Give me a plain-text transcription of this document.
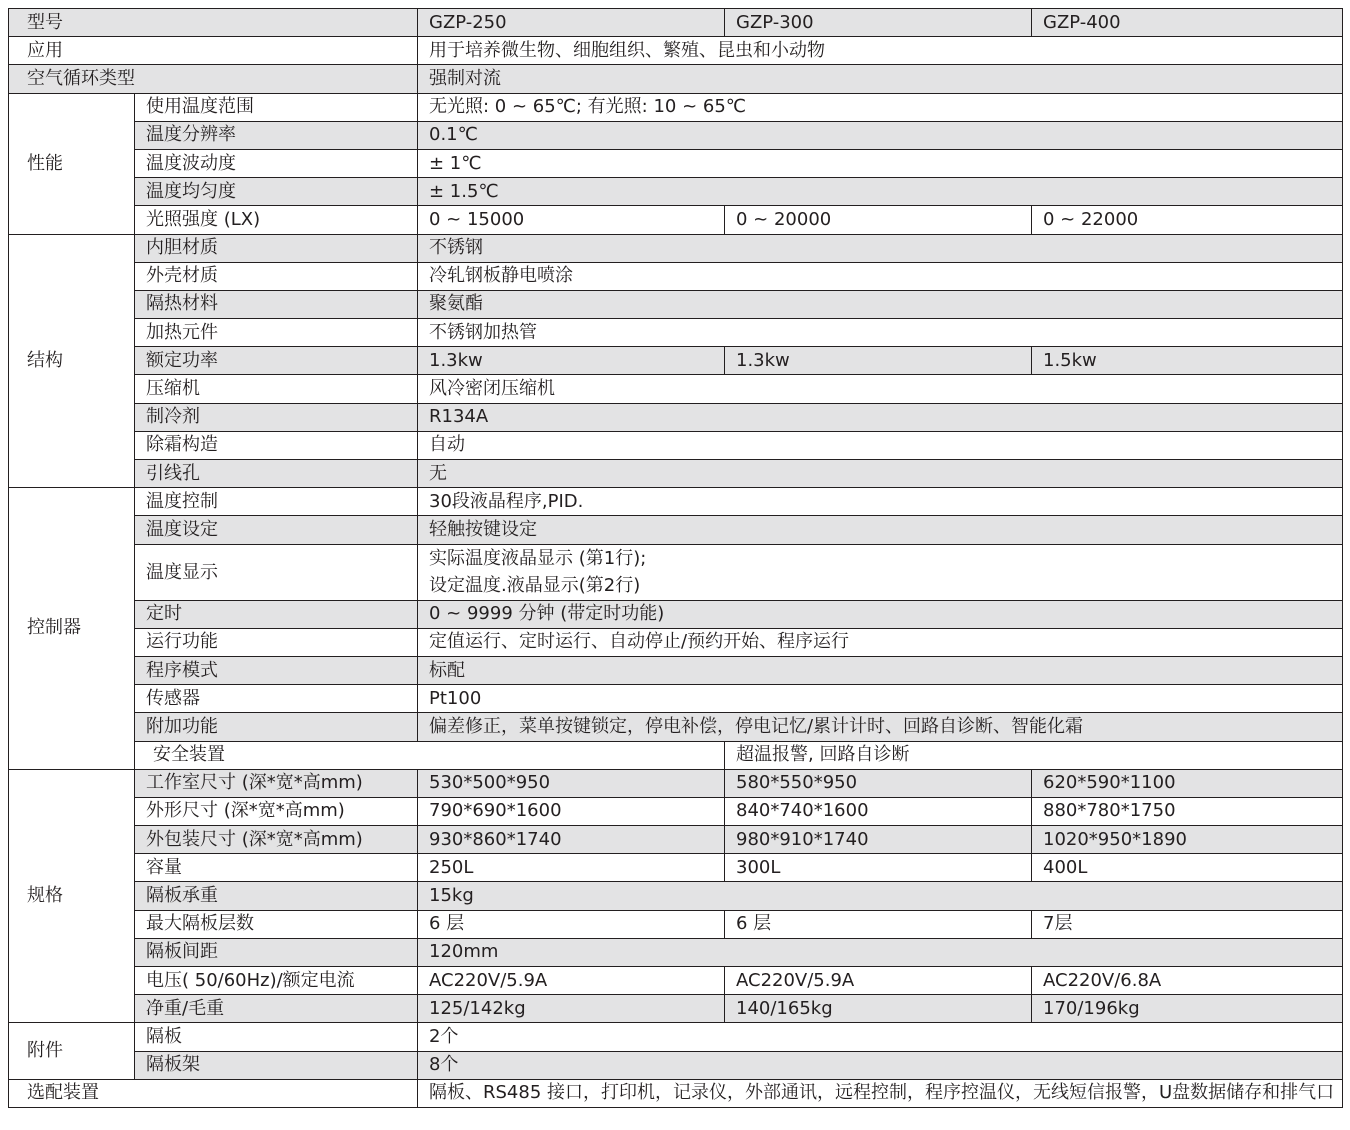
型号		GZP-250	GZP-300	GZP-400
应用		用于培养微生物、细胞组织、繁殖、昆虫和小动物		
空气循环类型		强制对流		
性能	使用温度范围	无光照: 0 ~ 65℃; 有光照: 10 ~ 65℃		
	温度分辨率	0.1℃		
	温度波动度	± 1℃		
	温度均匀度	± 1.5℃		
	光照强度 (LX)	0 ~ 15000	0 ~ 20000	0 ~ 22000
结构	内胆材质	不锈钢		
	外壳材质	冷轧钢板静电喷涂		
	隔热材料	聚氨酯		
	加热元件	不锈钢加热管		
	额定功率	1.3kw	1.3kw	1.5kw
	压缩机	风冷密闭压缩机		
	制冷剂	R134A		
	除霜构造	自动		
	引线孔	无		
控制器	温度控制	30段液晶程序,PID.		
	温度设定	轻触按键设定		
	温度显示	实际温度液晶显示 (第1行);
设定温度.液晶显示(第2行)		

	定时	0 ~ 9999 分钟 (带定时功能)		
	运行功能	定值运行、定时运行、自动停止/预约开始、程序运行		
	程序模式	标配		
	传感器	Pt100		
	附加功能	偏差修正，菜单按键锁定，停电补偿，停电记忆/累计计时、回路自诊断、智能化霜		
	安全装置		超温报警, 回路自诊断	
规格	工作室尺寸 (深*宽*高mm)	530*500*950	580*550*950	620*590*1100
	外形尺寸 (深*宽*高mm)	790*690*1600	840*740*1600	880*780*1750
	外包装尺寸 (深*宽*高mm)	930*860*1740	980*910*1740	1020*950*1890
	容量	250L	300L	400L
	隔板承重	15kg		
	最大隔板层数	6 层	6 层	7层
	隔板间距	120mm		
	电压( 50/60Hz)/额定电流	AC220V/5.9A	AC220V/5.9A	AC220V/6.8A
	净重/毛重	125/142kg	140/165kg	170/196kg
附件	隔板	2个		
	隔板架	8个		
选配装置		隔板、RS485 接口，打印机，记录仪，外部通讯，远程控制，程序控温仪，无线短信报警，U盘数据储存和排气口		
